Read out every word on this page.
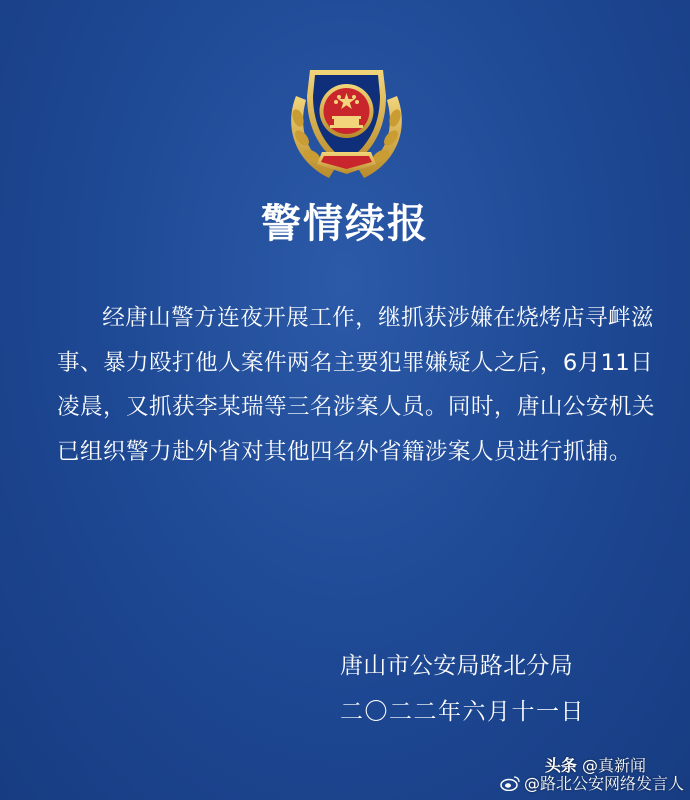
警情续报
经唐山警方连夜开展工作，继抓获涉嫌在烧烤店寻衅滋事、暴力殴打他人案件两名主要犯罪嫌疑人之后，6月11日凌晨，又抓获李某瑞等三名涉案人员。同时，唐山公安机关已组织警力赴外省对其他四名外省籍涉案人员进行抓捕。
唐山市公安局路北分局
二〇二二年六月十一日
头条 @真新闻
@路北公安网络发言人
